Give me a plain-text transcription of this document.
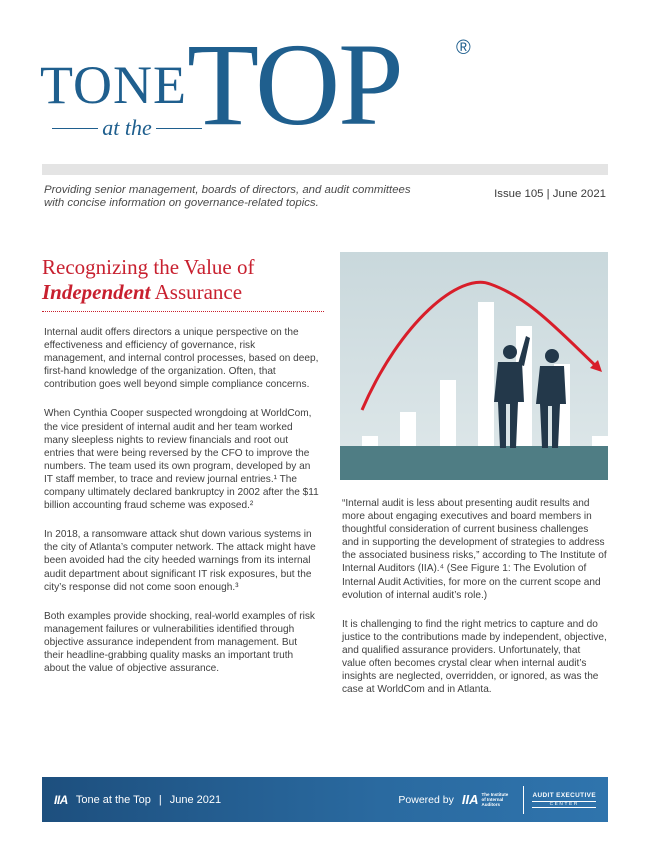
TONE
at the TOP	®
Providing senior management, boards of directors, and audit committees with concise information on governance-related topics.
Issue 105 | June 2021
Recognizing the Value of
Independent Assurance

Internal audit offers directors a unique perspective on the effectiveness and efficiency of governance, risk management, and internal control processes, based on deep, first-hand knowledge of the organization. Often, that contribution goes well beyond simple compliance concerns.

When Cynthia Cooper suspected wrongdoing at WorldCom, the vice president of internal audit and her team worked many sleepless nights to review financials and root out entries that were being reversed by the CFO to improve the numbers. The team used its own program, developed by an IT staff member, to trace and review journal entries.¹ The company ultimately declared bankruptcy in 2002 after the $11 billion accounting fraud scheme was exposed.²

In 2018, a ransomware attack shut down various systems in the city of Atlanta’s computer network. The attack might have been avoided had the city heeded warnings from its internal audit department about significant IT risk exposures, but the city’s response did not come soon enough.³

Both examples provide shocking, real-world examples of risk management failures or vulnerabilities identified through objective assurance independent from management. But their headline-grabbing quality masks an important truth about the value of objective assurance.

“Internal audit is less about presenting audit results and more about engaging executives and board members in thoughtful consideration of current business challenges and in supporting the development of strategies to address the associated business risks,” according to The Institute of Internal Auditors (IIA).⁴ (See Figure 1: The Evolution of Internal Audit Activities, for more on the current scope and evolution of internal audit’s role.)

It is challenging to find the right metrics to capture and do justice to the contributions made by independent, objective, and qualified assurance providers. Unfortunately, that value often becomes crystal clear when internal audit’s insights are neglected, overridden, or ignored, as was the case at WorldCom and in Atlanta.

IIA Tone at the Top | June 2021	Powered by IIA The Institute of Internal Auditors
AUDIT EXECUTIVE
CENTER
